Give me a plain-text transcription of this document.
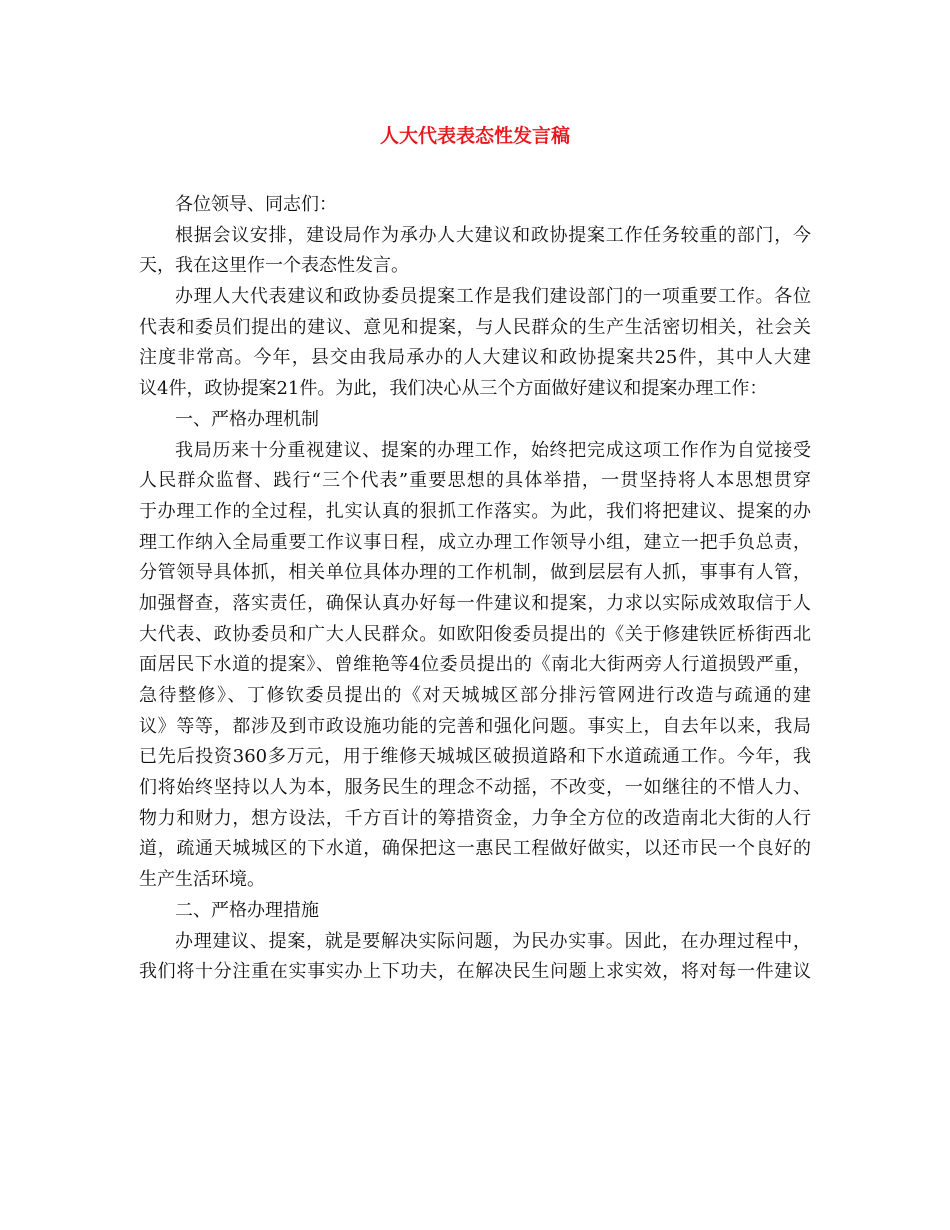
人大代表表态性发言稿
各位领导、同志们：
根据会议安排，建设局作为承办人大建议和政协提案工作任务较重的部门，今
天，我在这里作一个表态性发言。
办理人大代表建议和政协委员提案工作是我们建设部门的一项重要工作。各位
代表和委员们提出的建议、意见和提案，与人民群众的生产生活密切相关，社会关
注度非常高。今年，县交由我局承办的人大建议和政协提案共25件，其中人大建
议4件，政协提案21件。为此，我们决心从三个方面做好建议和提案办理工作：
一、严格办理机制
我局历来十分重视建议、提案的办理工作，始终把完成这项工作作为自觉接受
人民群众监督、践行“三个代表”重要思想的具体举措，一贯坚持将人本思想贯穿
于办理工作的全过程，扎实认真的狠抓工作落实。为此，我们将把建议、提案的办
理工作纳入全局重要工作议事日程，成立办理工作领导小组，建立一把手负总责，
分管领导具体抓，相关单位具体办理的工作机制，做到层层有人抓，事事有人管，
加强督查，落实责任，确保认真办好每一件建议和提案，力求以实际成效取信于人
大代表、政协委员和广大人民群众。如欧阳俊委员提出的《关于修建铁匠桥街西北
面居民下水道的提案》、曾维艳等4位委员提出的《南北大街两旁人行道损毁严重，
急待整修》、丁修钦委员提出的《对天城城区部分排污管网进行改造与疏通的建
议》等等，都涉及到市政设施功能的完善和强化问题。事实上，自去年以来，我局
已先后投资360多万元，用于维修天城城区破损道路和下水道疏通工作。今年，我
们将始终坚持以人为本，服务民生的理念不动摇，不改变，一如继往的不惜人力、
物力和财力，想方设法，千方百计的筹措资金，力争全方位的改造南北大街的人行
道，疏通天城城区的下水道，确保把这一惠民工程做好做实，以还市民一个良好的
生产生活环境。
二、严格办理措施
办理建议、提案，就是要解决实际问题，为民办实事。因此，在办理过程中，
我们将十分注重在实事实办上下功夫，在解决民生问题上求实效，将对每一件建议
